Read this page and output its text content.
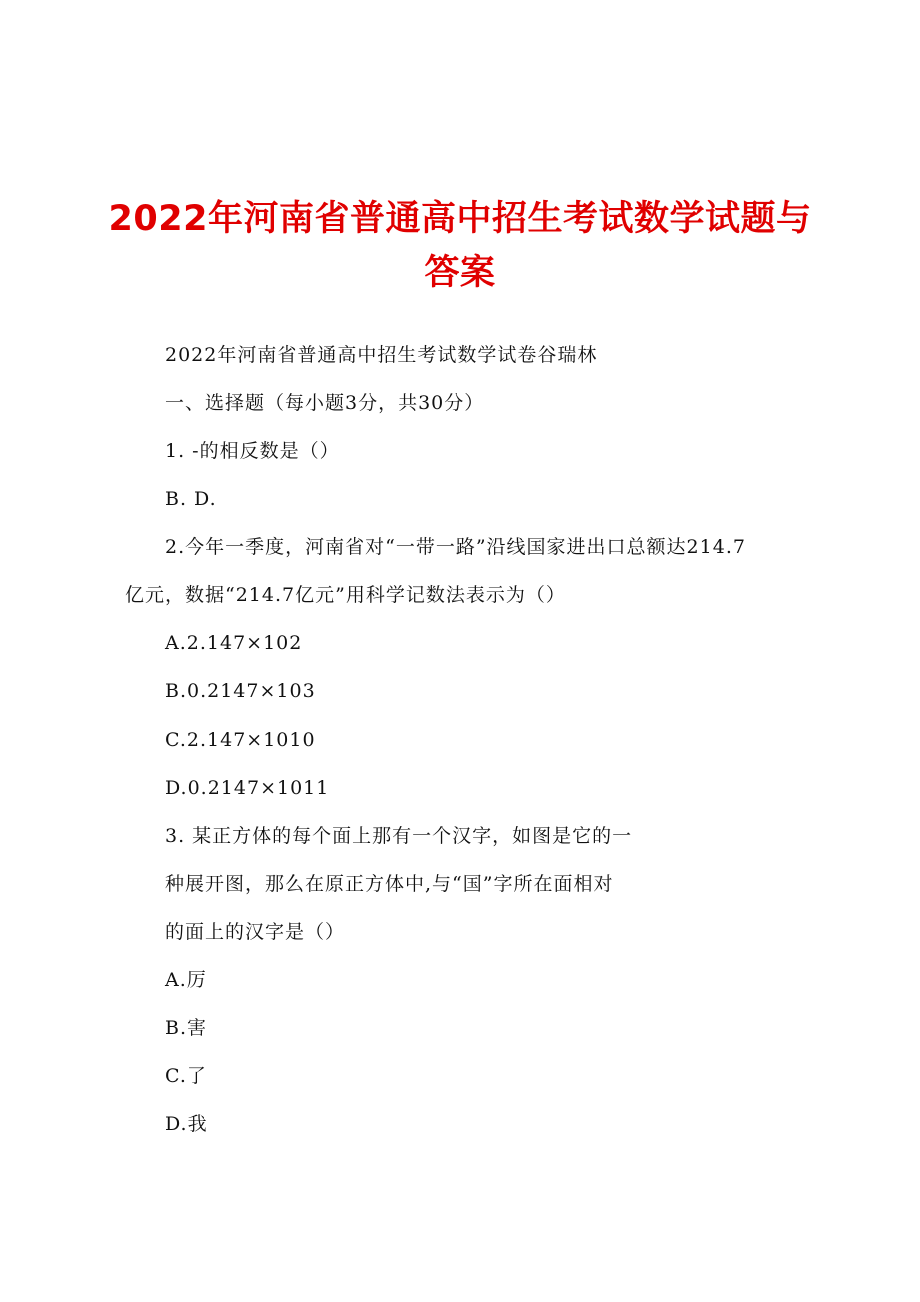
2022年河南省普通高中招生考试数学试题与
答案
2022年河南省普通高中招生考试数学试卷谷瑞林
一、选择题（每小题3分，共30分）
1. -的相反数是（）
B. D.
2.今年一季度，河南省对“一带一路”沿线国家进出口总额达214.7
亿元，数据“214.7亿元”用科学记数法表示为（）
A.2.147×102
B.0.2147×103
C.2.147×1010
D.0.2147×1011
3. 某正方体的每个面上那有一个汉字，如图是它的一
种展开图，那么在原正方体中,与“国”字所在面相对
的面上的汉字是（）
A.厉
B.害
C.了
D.我
